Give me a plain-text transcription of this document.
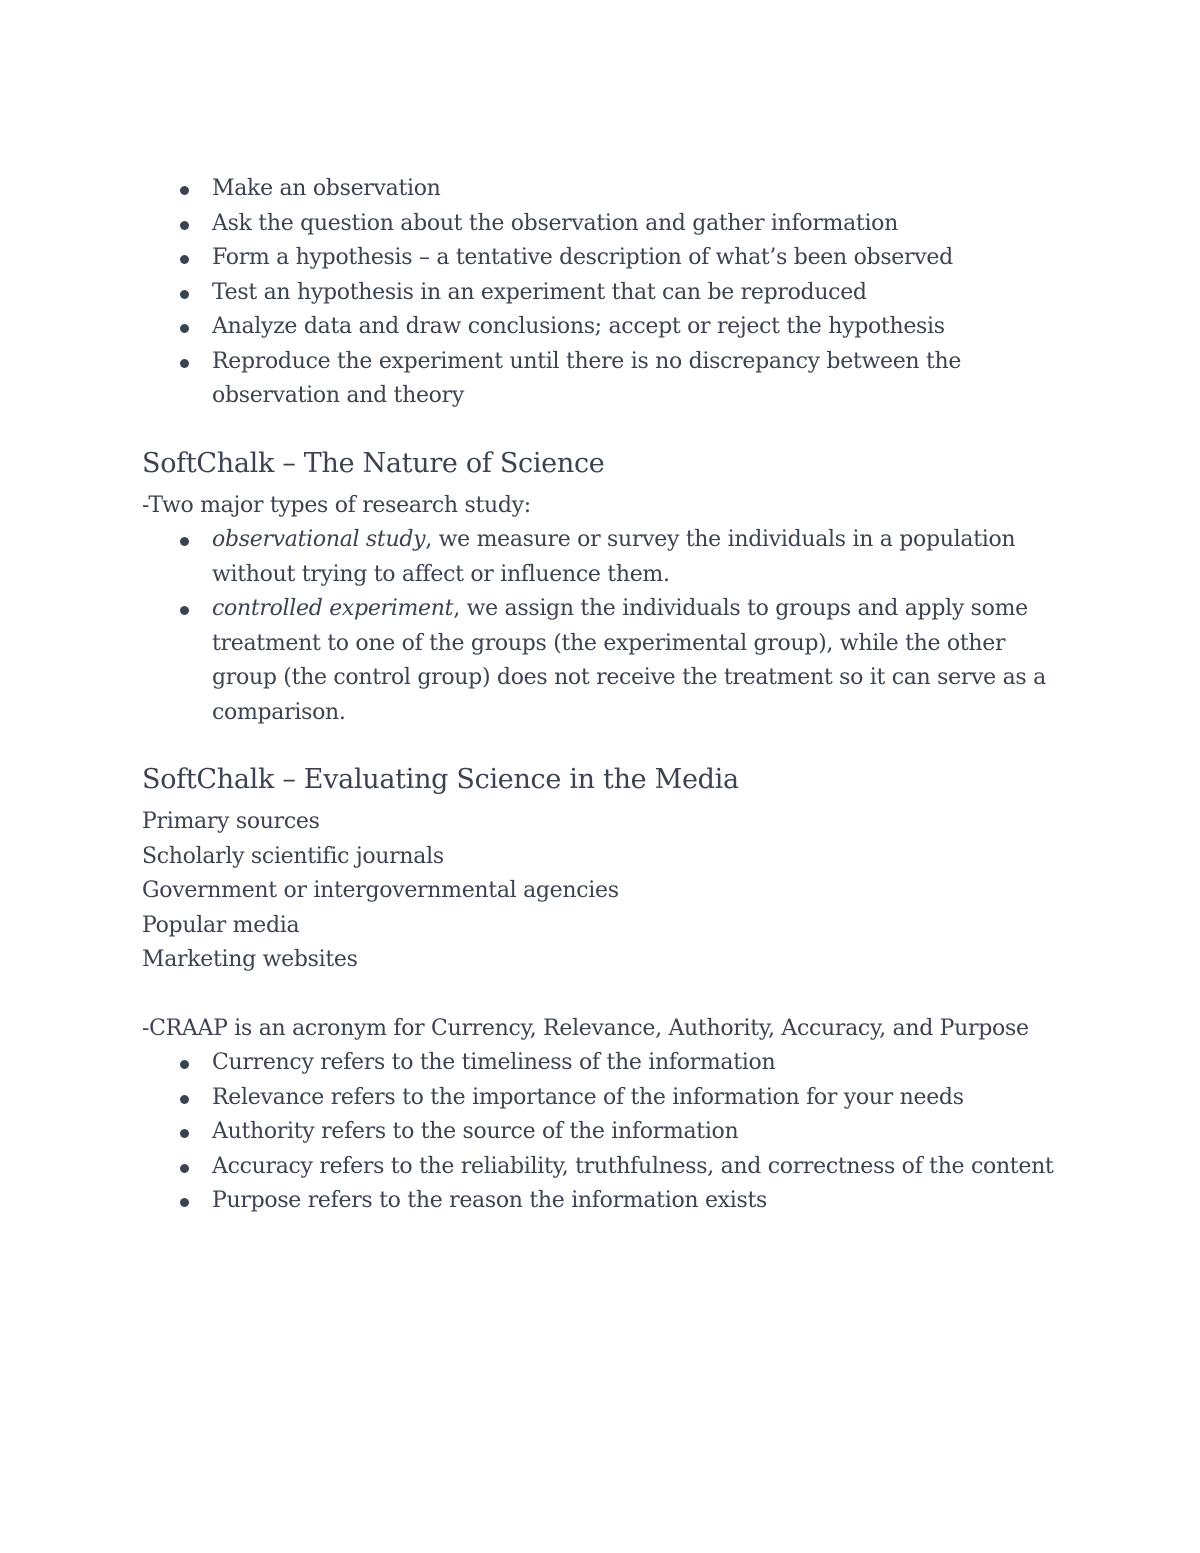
Make an observation
Ask the question about the observation and gather information
Form a hypothesis – a tentative description of what’s been observed
Test an hypothesis in an experiment that can be reproduced
Analyze data and draw conclusions; accept or reject the hypothesis
Reproduce the experiment until there is no discrepancy between the observation and theory
SoftChalk – The Nature of Science

-Two major types of research study:

observational study, we measure or survey the individuals in a population without trying to affect or influence them.
controlled experiment, we assign the individuals to groups and apply some treatment to one of the groups (the experimental group), while the other group (the control group) does not receive the treatment so it can serve as a comparison.
SoftChalk – Evaluating Science in the Media

Primary sources

Scholarly scientific journals

Government or intergovernmental agencies

Popular media

Marketing websites

-CRAAP is an acronym for Currency, Relevance, Authority, Accuracy, and Purpose

Currency refers to the timeliness of the information
Relevance refers to the importance of the information for your needs
Authority refers to the source of the information
Accuracy refers to the reliability, truthfulness, and correctness of the content
Purpose refers to the reason the information exists
